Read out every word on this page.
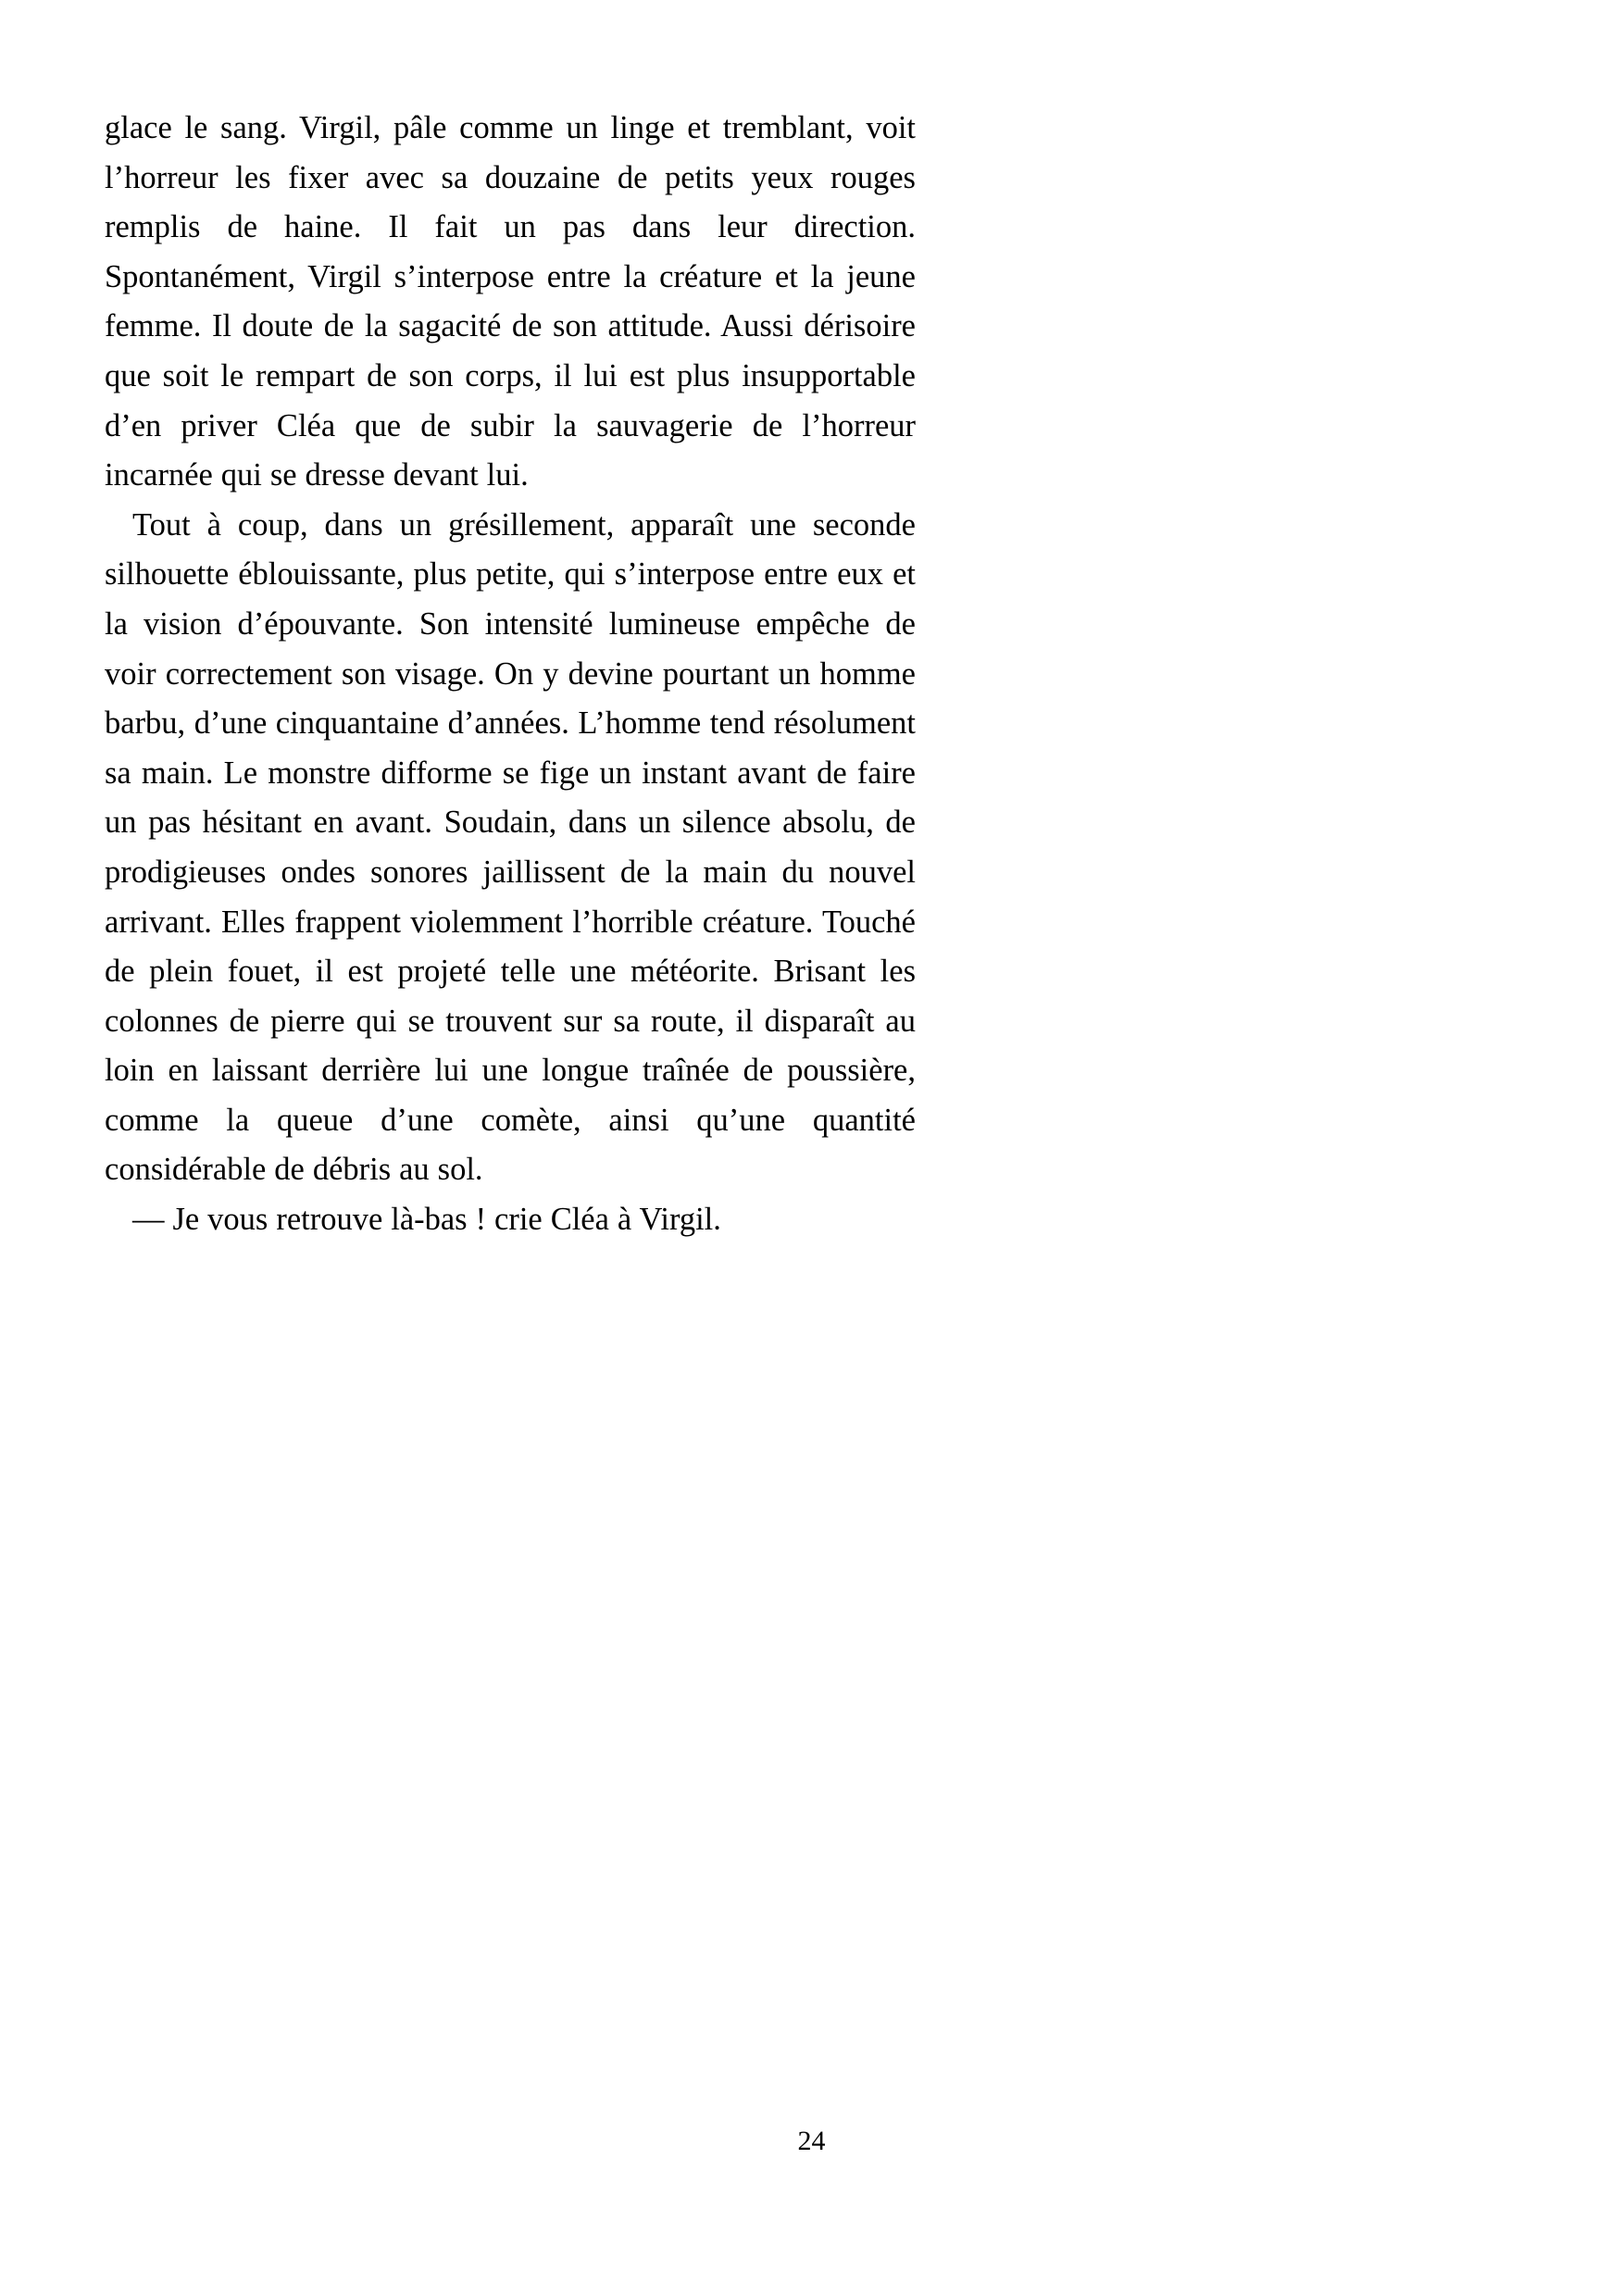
glace le sang. Virgil, pâle comme un linge et tremblant, voit l’horreur les fixer avec sa douzaine de petits yeux rouges remplis de haine. Il fait un pas dans leur direction. Spontanément, Virgil s’interpose entre la créature et la jeune femme. Il doute de la sagacité de son attitude. Aussi dérisoire que soit le rempart de son corps, il lui est plus insupportable d’en priver Cléa que de subir la sauvagerie de l’horreur incarnée qui se dresse devant lui.

Tout à coup, dans un grésillement, apparaît une seconde silhouette éblouissante, plus petite, qui s’interpose entre eux et la vision d’épouvante. Son intensité lumineuse empêche de voir correctement son visage. On y devine pourtant un homme barbu, d’une cinquantaine d’années. L’homme tend résolument sa main. Le monstre difforme se fige un instant avant de faire un pas hésitant en avant. Soudain, dans un silence absolu, de prodigieuses ondes sonores jaillissent de la main du nouvel arrivant. Elles frappent violemment l’horrible créature. Touché de plein fouet, il est projeté telle une météorite. Brisant les colonnes de pierre qui se trouvent sur sa route, il disparaît au loin en laissant derrière lui une longue traînée de poussière, comme la queue d’une comète, ainsi qu’une quantité considérable de débris au sol.

— Je vous retrouve là-bas ! crie Cléa à Virgil.

24
